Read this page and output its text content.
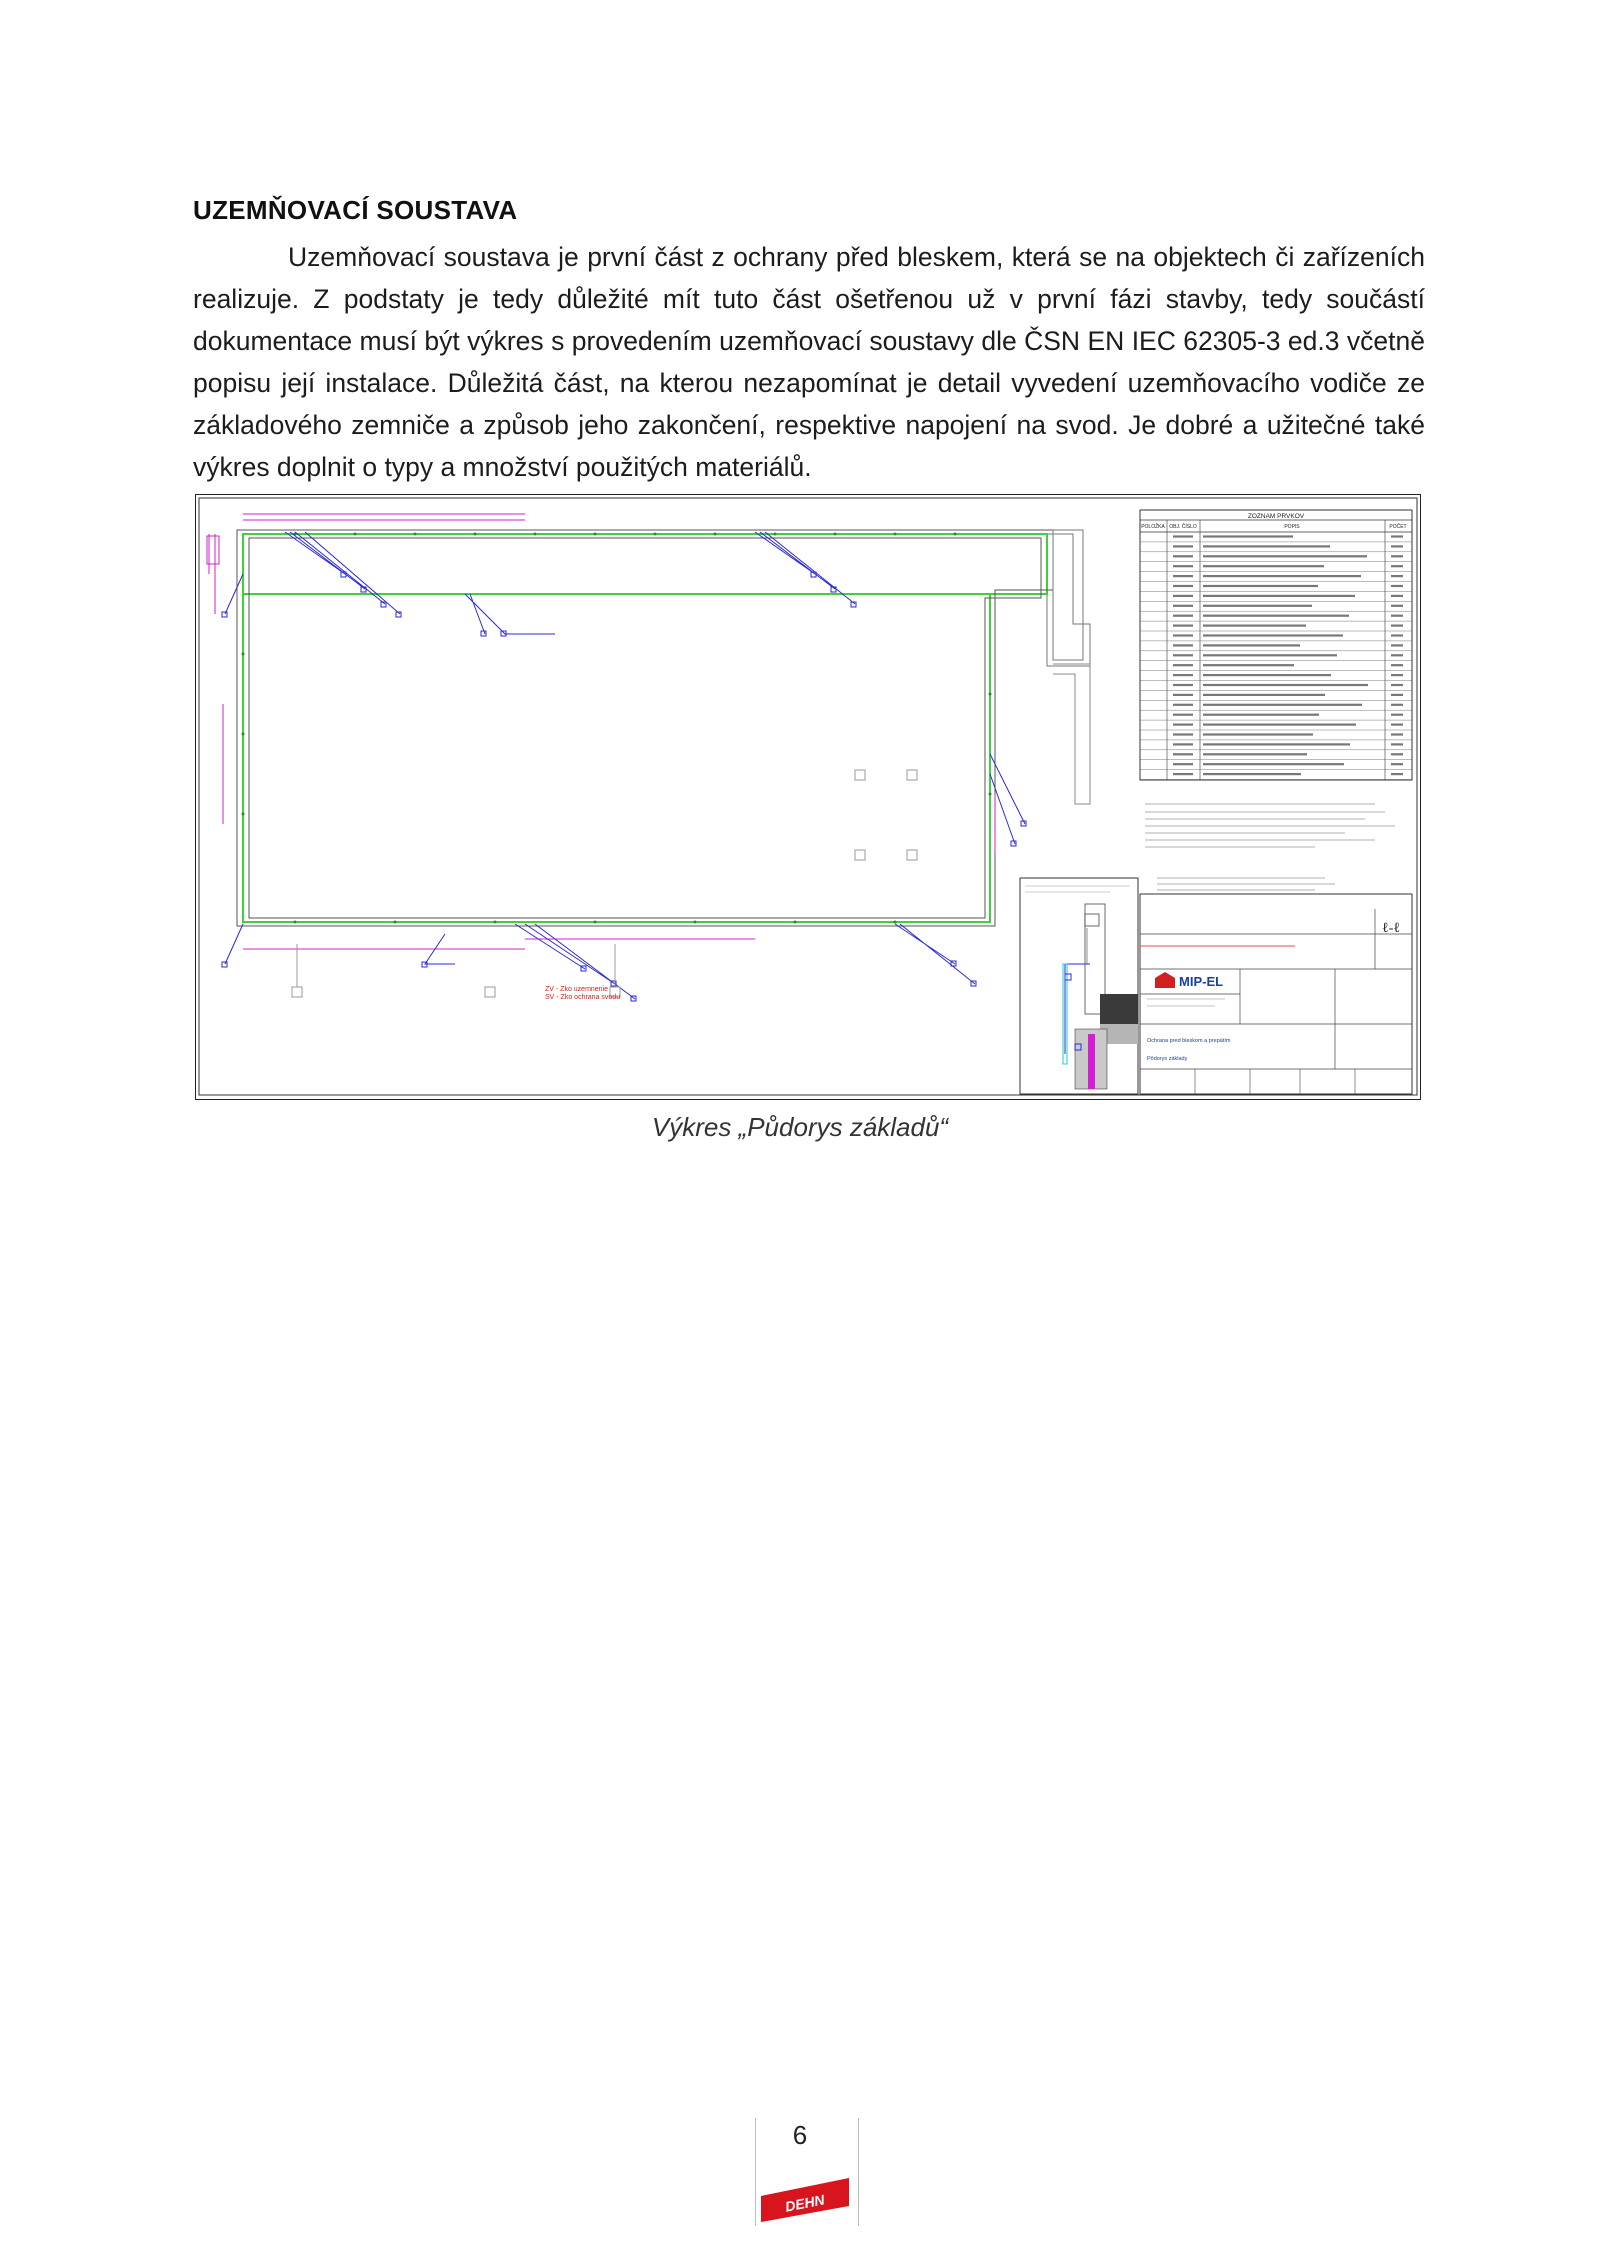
UZEMŇOVACÍ SOUSTAVA
Uzemňovací soustava je první část z ochrany před bleskem, která se na objektech či zařízeních realizuje. Z podstaty je tedy důležité mít tuto část ošetřenou už v první fázi stavby, tedy součástí dokumentace musí být výkres s provedením uzemňovací soustavy dle ČSN EN IEC 62305-3 ed.3 včetně popisu její instalace. Důležitá část, na kterou nezapomínat je detail vyvedení uzemňovacího vodiče ze základového zemniče a způsob jeho zakončení, respektive napojení na svod. Je dobré a užitečné také výkres doplnit o typy a množství použitých materiálů.
ZV - Zko uzemnenie
SV - Zko ochrana svodu
ZOZNAM PRVKOV
POLOŽKA OBJ. ČÍSLO	POPIS	POČET
ℓ-ℓ
MIP-EL
Ochrana pred bleskom a prepätím
Pôdorys základy
Výkres „Půdorys základů“
6
DEHN
